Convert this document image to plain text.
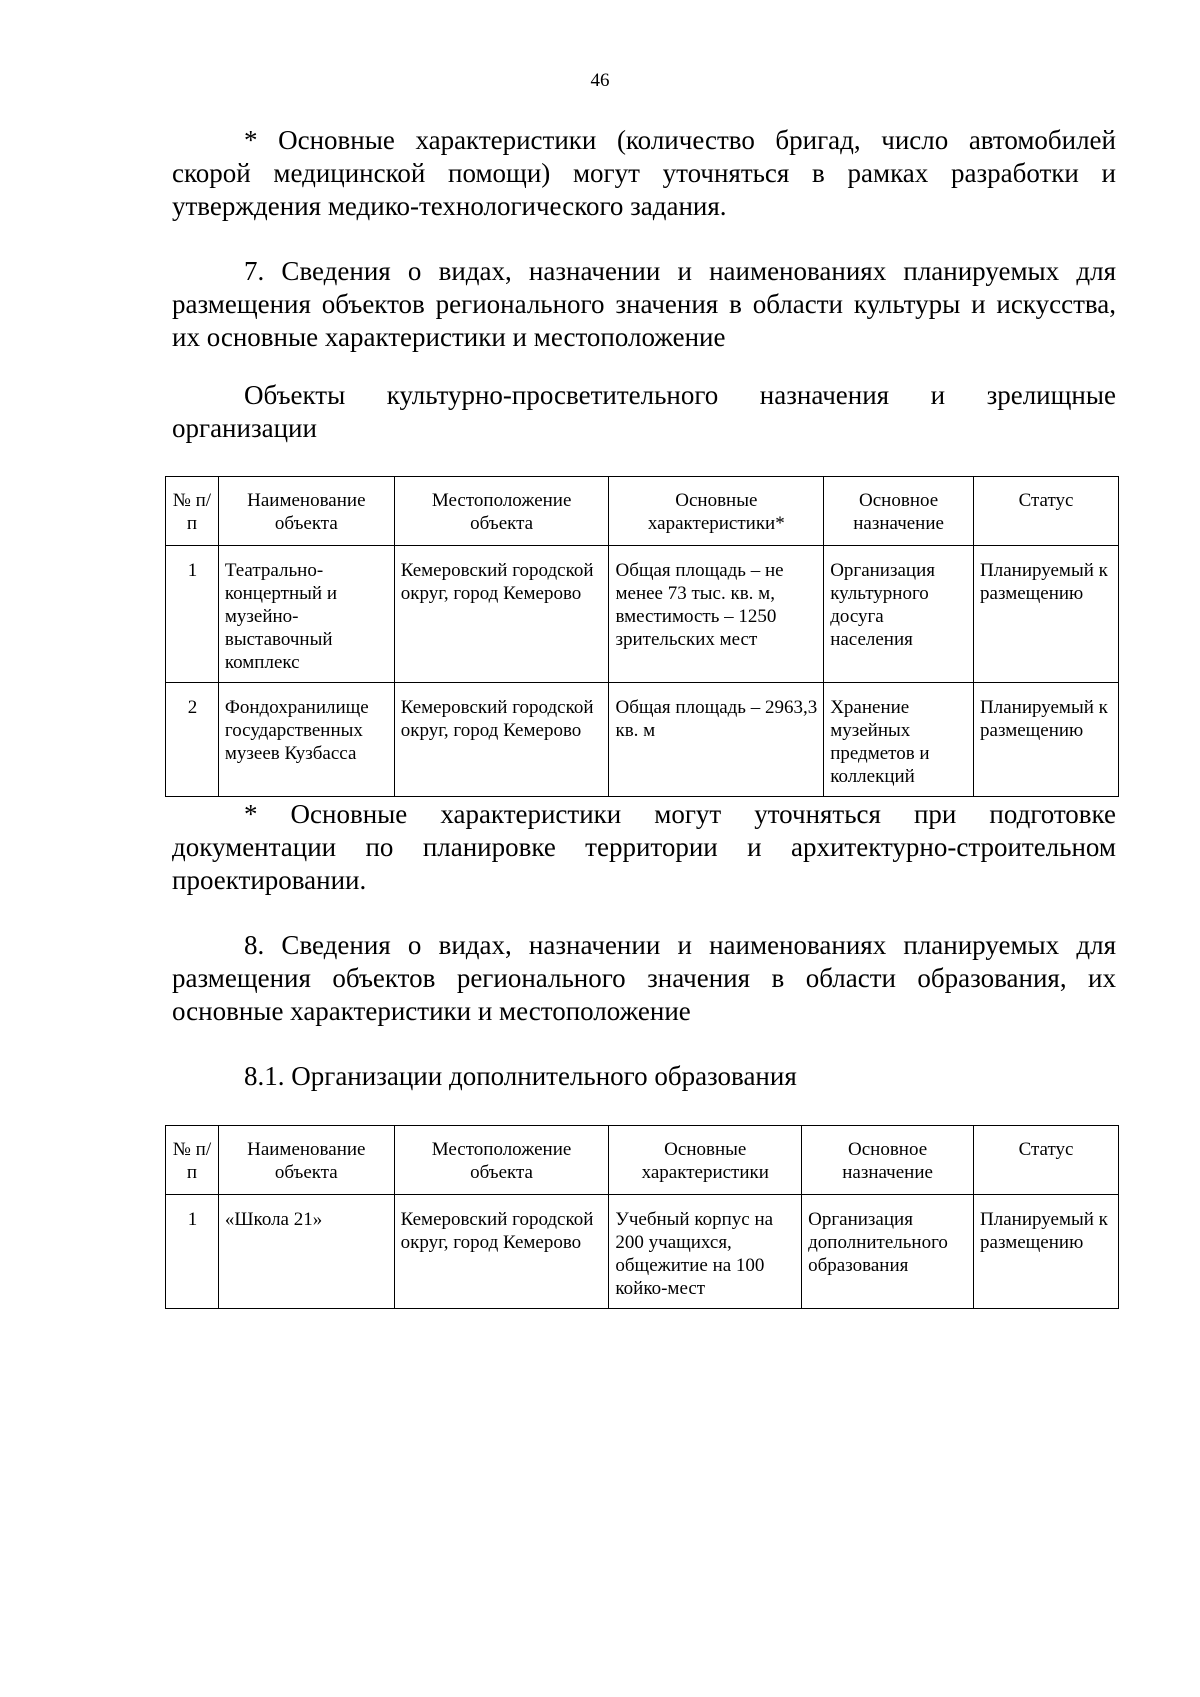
46

* Основные характеристики (количество бригад, число автомобилей скорой медицинской помощи) могут уточняться в рамках разработки и утверждения медико-технологического задания.

7. Сведения о видах, назначении и наименованиях планируемых для размещения объектов регионального значения в области культуры и искусства, их основные характеристики и местоположение

Объекты культурно-просветительного назначения и зрелищные организации

№ п/п	Наименование объекта	Местоположение объекта	Основные характеристики*	Основное назначение	Статус
1	Театрально-концертный и музейно-выставочный комплекс	Кемеровский городской округ, город Кемерово	Общая площадь – не менее 73 тыс. кв. м, вместимость – 1250 зрительских мест	Организация культурного досуга населения	Планируемый к размещению
2	Фондохранилище государственных музеев Кузбасса	Кемеровский городской округ, город Кемерово	Общая площадь – 2963,3 кв. м	Хранение музейных предметов и коллекций	Планируемый к размещению

* Основные характеристики могут уточняться при подготовке документации по планировке территории и архитектурно-строительном проектировании.

8. Сведения о видах, назначении и наименованиях планируемых для размещения объектов регионального значения в области образования, их основные характеристики и местоположение

8.1. Организации дополнительного образования

№ п/п	Наименование объекта	Местоположение объекта	Основные характеристики	Основное назначение	Статус
1	«Школа 21»	Кемеровский городской округ, город Кемерово	Учебный корпус на 200 учащихся, общежитие на 100 койко-мест	Организация дополнительного образования	Планируемый к размещению
